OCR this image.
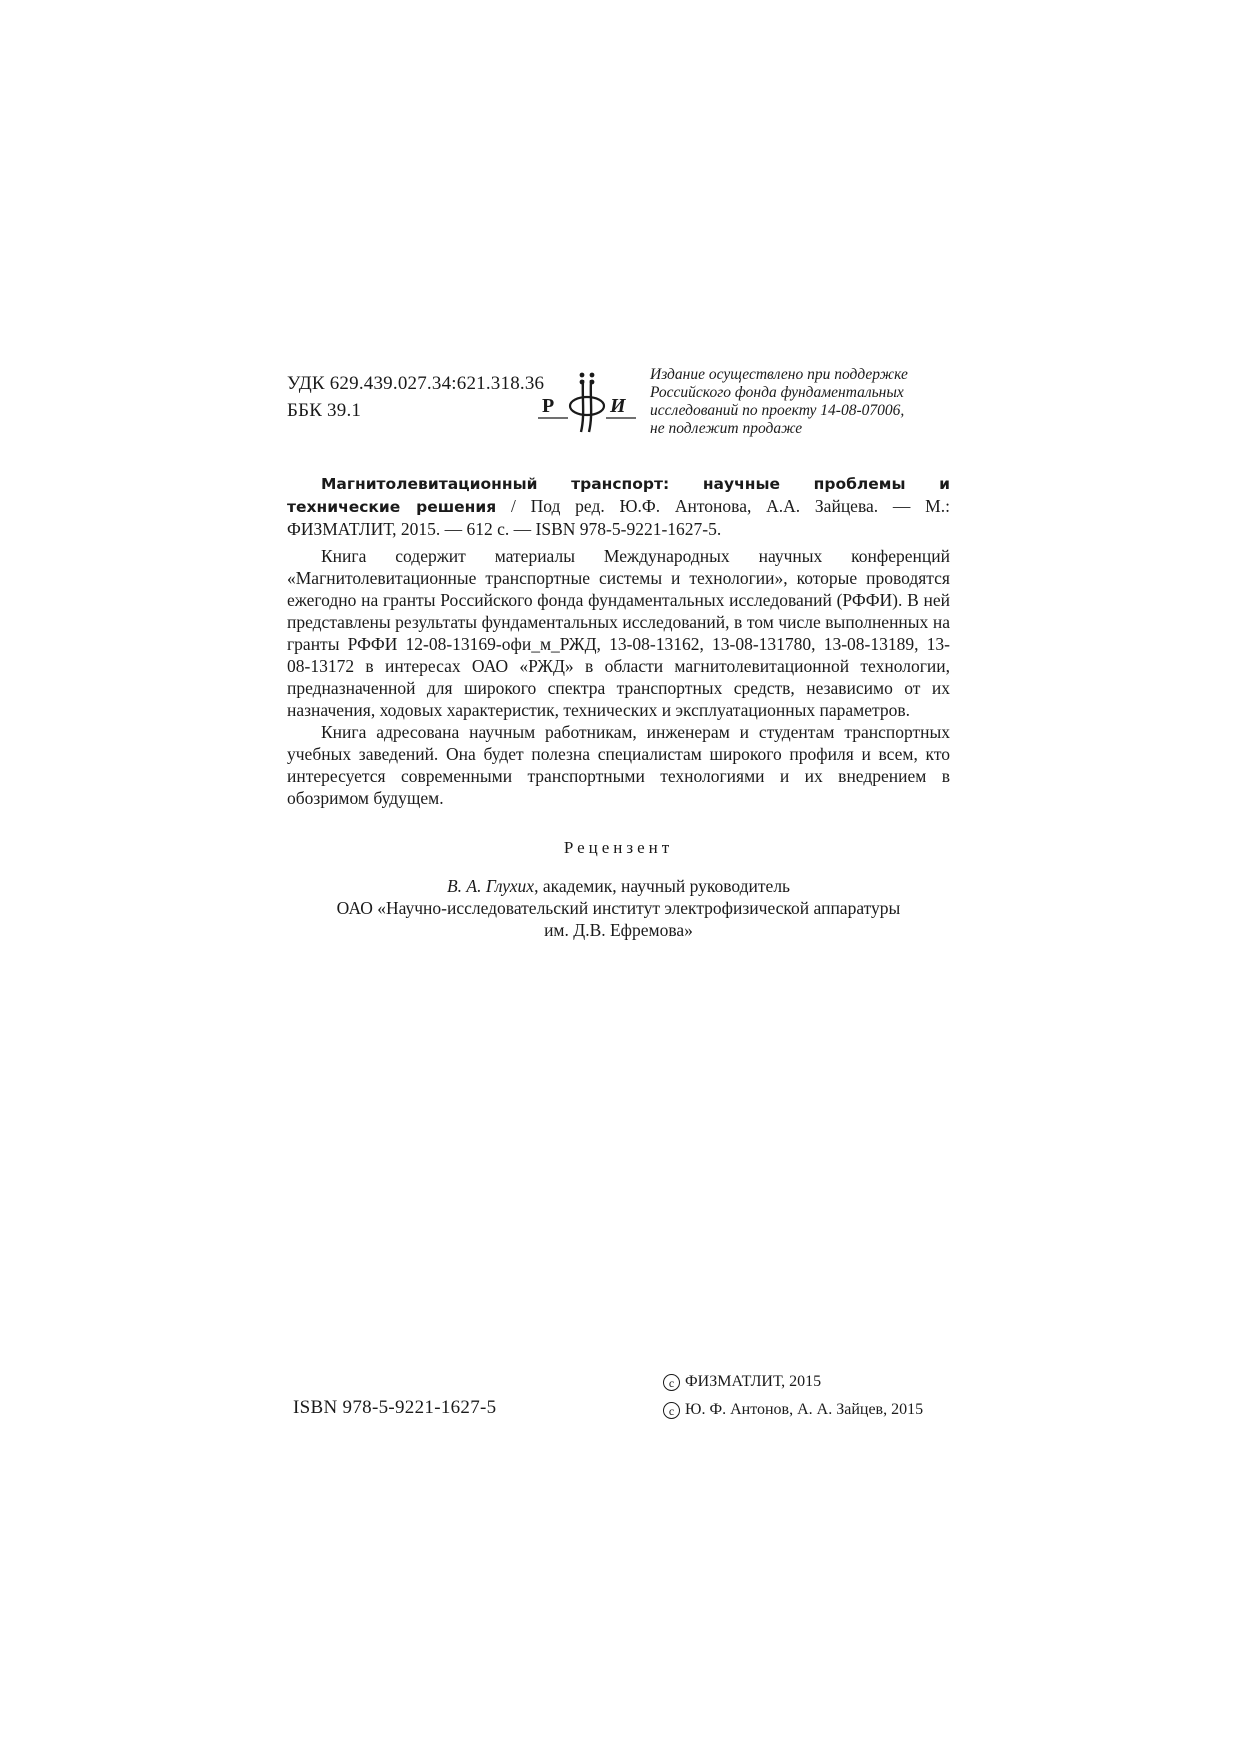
УДК 629.439.027.34:621.318.36
ББК 39.1	Р	И
Издание осуществлено при поддержке
Российского фонда фундаментальных
исследований по проекту 14-08-07006,
не подлежит продаже
Магнитолевитационный транспорт: научные проблемы и технические решения / Под ред. Ю.Ф. Антонова, А.А. Зайцева. — М.: ФИЗМАТЛИТ, 2015. — 612 с. — ISBN 978-5-9221-1627-5.

Книга содержит материалы Международных научных конференций «Магнитолевитационные транспортные системы и технологии», которые проводятся ежегодно на гранты Российского фонда фундаментальных исследований (РФФИ). В ней представлены результаты фундаментальных исследований, в том числе выполненных на гранты РФФИ 12-08-13169-офи_м_РЖД, 13-08-13162, 13-08-131780, 13-08-13189, 13-08-13172 в интересах ОАО «РЖД» в области магнитолевитационной технологии, предназначенной для широкого спектра транспортных средств, независимо от их назначения, ходовых характеристик, технических и эксплуатационных параметров.

Книга адресована научным работникам, инженерам и студентам транспортных учебных заведений. Она будет полезна специалистам широкого профиля и всем, кто интересуется современными транспортными технологиями и их внедрением в обозримом будущем.

Рецензент
В. А. Глухих, академик, научный руководитель
ОАО «Научно-исследовательский институт электрофизической аппаратуры
им. Д.В. Ефремова»
ISBN 978-5-9221-1627-5
c ФИЗМАТЛИТ, 2015
c Ю. Ф. Антонов, А. А. Зайцев, 2015
